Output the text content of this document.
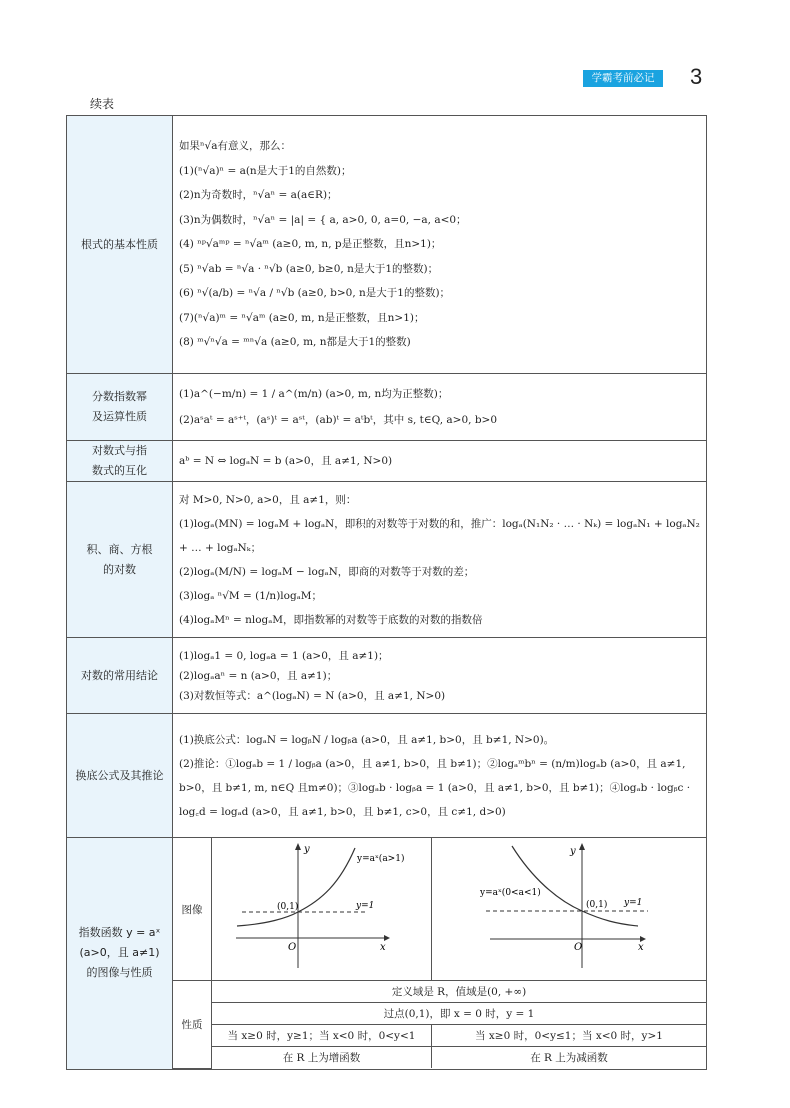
学霸考前必记	3
续表
根式的基本性质

如果ⁿ√a有意义，那么：
(1)(ⁿ√a)ⁿ = a(n是大于1的自然数)；
(2)n为奇数时，ⁿ√aⁿ = a(a∈R)；
(3)n为偶数时，ⁿ√aⁿ = |a| = { a, a>0, 0, a=0, −a, a<0；
(4) ⁿᵖ√aᵐᵖ = ⁿ√aᵐ (a≥0, m, n, p是正整数，且n>1)；
(5) ⁿ√ab = ⁿ√a · ⁿ√b (a≥0, b≥0, n是大于1的整数)；
(6) ⁿ√(a/b) = ⁿ√a / ⁿ√b (a≥0, b>0, n是大于1的整数)；
(7)(ⁿ√a)ᵐ = ⁿ√aᵐ (a≥0, m, n是正整数，且n>1)；
(8) ᵐ√ⁿ√a = ᵐⁿ√a (a≥0, m, n都是大于1的整数)

分数指数幂
及运算性质

(1)a^(−m/n) = 1 / a^(m/n) (a>0, m, n均为正整数)；
(2)aˢaᵗ = aˢ⁺ᵗ，(aˢ)ᵗ = aˢᵗ，(ab)ᵗ = aᵗbᵗ，其中 s, t∈Q, a>0, b>0

对数式与指
数式的互化

aᵇ = N ⇔ logₐN = b (a>0，且 a≠1, N>0)

积、商、方根
的对数

对 M>0, N>0, a>0，且 a≠1，则：
(1)logₐ(MN) = logₐM + logₐN，即积的对数等于对数的和，推广：logₐ(N₁N₂ · … · Nₖ) = logₐN₁ + logₐN₂ + … + logₐNₖ；
(2)logₐ(M/N) = logₐM − logₐN，即商的对数等于对数的差；
(3)logₐ ⁿ√M = (1/n)logₐM；
(4)logₐMⁿ = nlogₐM，即指数幂的对数等于底数的对数的指数倍

对数的常用结论

(1)logₐ1 = 0, logₐa = 1 (a>0，且 a≠1)；
(2)logₐaⁿ = n (a>0，且 a≠1)；
(3)对数恒等式：a^(logₐN) = N (a>0，且 a≠1, N>0)

换底公式及其推论

(1)换底公式：logₐN = logᵦN / logᵦa (a>0，且 a≠1, b>0，且 b≠1, N>0)。
(2)推论：①logₐb = 1 / logᵦa (a>0，且 a≠1, b>0，且 b≠1)；②logₐᵐbⁿ = (n/m)logₐb (a>0，且 a≠1, b>0，且 b≠1, m, n∈Q 且m≠0)；③logₐb · logᵦa = 1 (a>0，且 a≠1, b>0，且 b≠1)；④logₐb · logᵦc · log꜀d = logₐd (a>0，且 a≠1, b>0，且 b≠1, c>0，且 c≠1, d>0)

指数函数 y = aˣ
(a>0，且 a≠1)
的图像与性质

图像	
y=aˣ(a>1)
(0,1)	y=1
x
y
O

y=aˣ(0<a<1)
(0,1) y=1
x
y
O

性质	定义域是 R，值域是(0, +∞)
过点(0,1)，即 x = 0 时，y = 1
当 x≥0 时，y≥1；当 x<0 时，0<y<1	当 x≥0 时，0<y≤1；当 x<0 时，y>1
在 R 上为增函数	在 R 上为减函数
